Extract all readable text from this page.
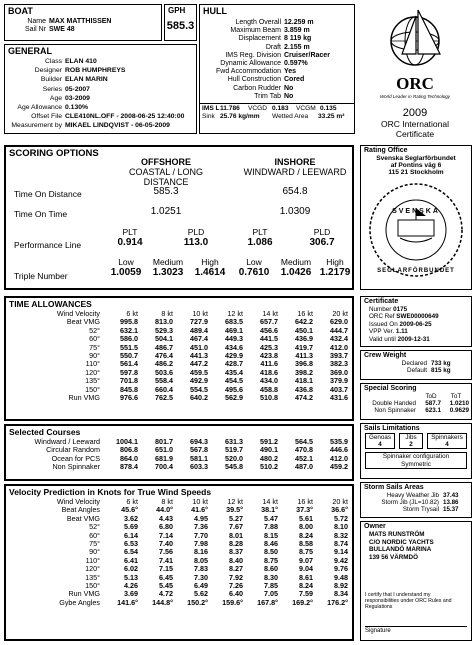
BOAT
Name MAX MATTHISSEN
Sail Nr SWE 48
GPH
585.3
HULL
Length Overall 12.259 m
Maximum Beam 3.859 m
Displacement 8 119 kg
Draft 2.155 m
IMS Reg. Division Cruiser/Racer
Dynamic Allowance 0.597%
Fwd Accommodation Yes
Hull Construction Cored
Carbon Rudder No
Trim Tab No
IMS L 11.786	VCGD 0.183	VCGM 0.135
Sink 25.76 kg/mm	Wetted Area	33.25 m²
ORC
World Leader in Rating Technology
2009
ORC International
Certificate
GENERAL
Class ELAN 410
Designer ROB HUMPHREYS
Builder ELAN MARIN
Series 05-2007
Age 03-2009
Age Allowance 0.130%
Offset File CLE410NL.OFF - 2008-06-25 12:40:00
Measurement by MIKAEL LINDQVIST - 06-05-2009
SCORING OPTIONS
OFFSHORE
COASTAL / LONG DISTANCE
INSHORE
WINDWARD / LEEWARD
Time On Distance	585.3	654.8
Time On Time	1.0251	1.0309
Performance Line
PLT	PLD
0.914	113.0
PLT	PLD
1.086	306.7
Triple Number
Low	Medium	High
1.0059	1.3023	1.4614
Low	Medium	High
0.7610	1.0426 1.2179
Rating Office
Svenska Seglarförbundet
af Pontins väg 6
115 21 Stockholm
SVENSKA
SEGLARFÖRBUNDET
TIME ALLOWANCES
Wind Velocity	6 kt	8 kt	10 kt	12 kt	14 kt	16 kt	20 kt
Beat VMG	995.8	813.0	727.9	683.5	657.7	642.2	629.0
52°	632.1	529.3	489.4	469.1	456.6	450.1	444.7
60°	586.0	504.1	467.4	449.3	441.5	436.9	432.4
75°	551.5	486.7	451.0	434.6	425.3	419.7	412.0
90°	550.7	476.4	441.3	429.9	423.8	411.3	393.7
110°	561.4	486.2	447.2	428.7	411.6	396.8	382.3
120°	597.8	503.6	459.5	435.4	418.6	398.2	369.0
135°	701.8	558.4	492.9	454.5	434.0	418.1	379.9
150°	845.8	660.4	554.5	495.6	458.8	436.8	403.7
Run VMG	976.6	762.5	640.2	562.9	510.8	474.2	431.6
Selected Courses
Windward / Leeward	1004.1	801.7	694.3	631.3	591.2	564.5	535.9
Circular Random	806.8	651.0	567.8	519.7	490.1	470.8	446.6
Ocean for PCS	864.0	681.9	581.1	520.0	480.2	452.1	412.0
Non Spinnaker	878.4	700.4	603.3	545.8	510.2	487.0	459.2
Velocity Prediction in Knots for True Wind Speeds
Wind Velocity	6 kt	8 kt	10 kt	12 kt	14 kt	16 kt	20 kt
Beat Angles	45.6°	44.0°	41.6°	39.5°	38.1°	37.3°	36.6°
Beat VMG	3.62	4.43	4.95	5.27	5.47	5.61	5.72
52°	5.69	6.80	7.36	7.67	7.88	8.00	8.10
60°	6.14	7.14	7.70	8.01	8.15	8.24	8.32
75°	6.53	7.40	7.98	8.28	8.46	8.58	8.74
90°	6.54	7.56	8.16	8.37	8.50	8.75	9.14
110°	6.41	7.41	8.05	8.40	8.75	9.07	9.42
120°	6.02	7.15	7.83	8.27	8.60	9.04	9.76
135°	5.13	6.45	7.30	7.92	8.30	8.61	9.48
150°	4.26	5.45	6.49	7.26	7.85	8.24	8.92
Run VMG	3.69	4.72	5.62	6.40	7.05	7.59	8.34
Gybe Angles	141.6°	144.8°	150.2°	159.6°	167.8°	169.2°	176.2°
Certificate
Number 0175
ORC Ref SWE00000649
Issued On 2009-06-25
VPP Ver. 1.11
Valid until 2009-12-31
Crew Weight
Declared 733 kg
Default 815 kg
Special Scoring
ToD	ToT
Double Handed	587.7	1.0210
Non Spinnaker	623.1	0.9629
Sails Limitations
Genoas
4
Jibs
2
Spinnakers
4
Spinnaker configuration
Symmetric
Storm Sails Areas
Heavy Weather Jib 37.43
Storm Jib (JL=10.82) 13.86
Storm Trysail 15.37
Owner
MATS RUNSTRÖM
C/O NORDIC YACHTS
BULLANDÖ MARINA
139 56 VÄRMDÖ
I certify that I understand my responsibilities under ORC Rules and Regulations
Signature
